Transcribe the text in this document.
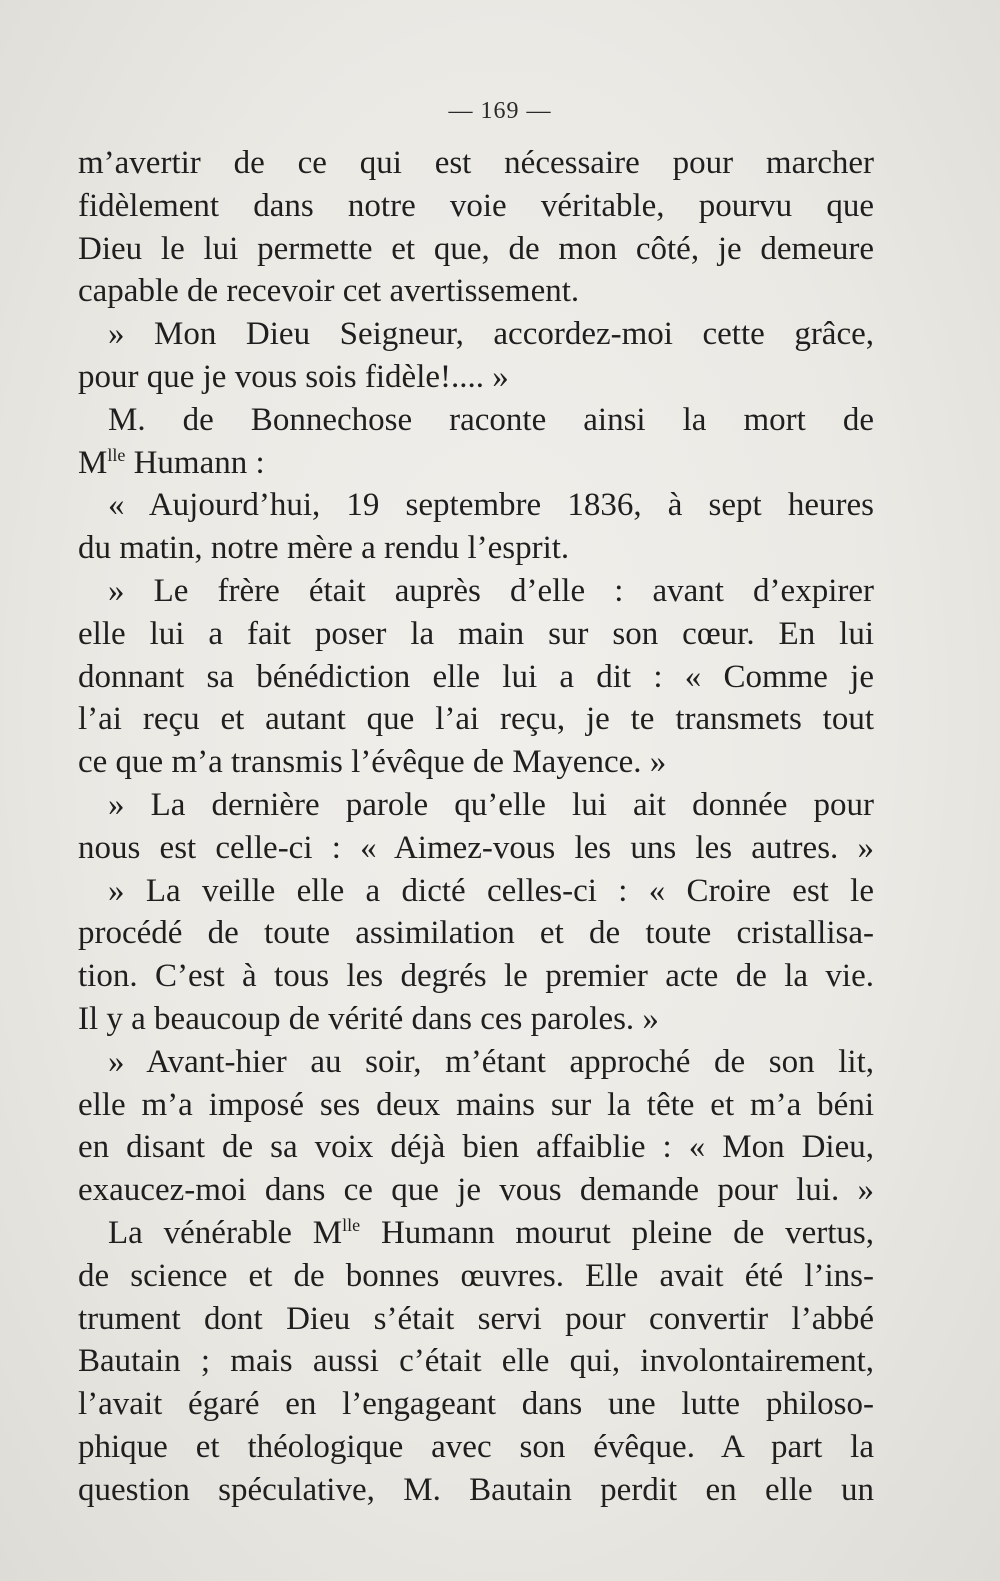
— 169 —
m’avertir de ce qui est nécessaire pour marcher
fidèlement dans notre voie véritable, pourvu que
Dieu le lui permette et que, de mon côté, je demeure
capable de recevoir cet avertissement.
» Mon Dieu Seigneur, accordez-moi cette grâce,
pour que je vous sois fidèle!.... »
M. de Bonnechose raconte ainsi la mort de
$M^{lle}$ Humann :
« Aujourd’hui, 19 septembre 1836, à sept heures
du matin, notre mère a rendu l’esprit.
» Le frère était auprès d’elle : avant d’expirer
elle lui a fait poser la main sur son cœur. En lui
donnant sa bénédiction elle lui a dit : « Comme je
l’ai reçu et autant que l’ai reçu, je te transmets tout
ce que m’a transmis l’évêque de Mayence. »
» La dernière parole qu’elle lui ait donnée pour
nous est celle-ci : « Aimez-vous les uns les autres. »
» La veille elle a dicté celles-ci : « Croire est le
procédé de toute assimilation et de toute cristallisa-
tion. C’est à tous les degrés le premier acte de la vie.
Il y a beaucoup de vérité dans ces paroles. »
» Avant-hier au soir, m’étant approché de son lit,
elle m’a imposé ses deux mains sur la tête et m’a béni
en disant de sa voix déjà bien affaiblie : « Mon Dieu,
exaucez-moi dans ce que je vous demande pour lui. »
La vénérable $M^{lle}$ Humann mourut pleine de vertus,
de science et de bonnes œuvres. Elle avait été l’ins-
trument dont Dieu s’était servi pour convertir l’abbé
Bautain ; mais aussi c’était elle qui, involontairement,
l’avait égaré en l’engageant dans une lutte philoso-
phique et théologique avec son évêque. A part la
question spéculative, M. Bautain perdit en elle un
